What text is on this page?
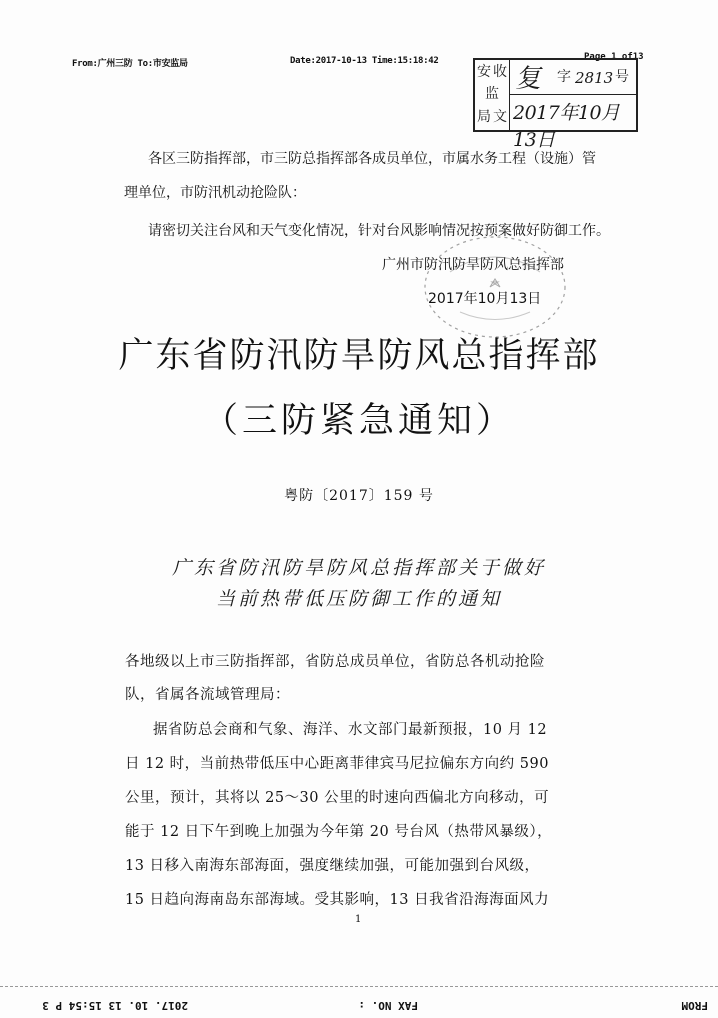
From:广州三防 To:市安监局	Date:2017-10-13 Time:15:18:42	Page 1 of13
安 收
监
局 文
复 字 2813 号
2017年10月13日
各区三防指挥部，市三防总指挥部各成员单位，市属水务工程（设施）管
理单位，市防汛机动抢险队：
请密切关注台风和天气变化情况，针对台风影响情况按预案做好防御工作。
广州市防汛防旱防风总指挥部
2017年10月13日
广东省防汛防旱防风总指挥部
（三防紧急通知）
粤防〔2017〕159 号
广东省防汛防旱防风总指挥部关于做好
当前热带低压防御工作的通知
各地级以上市三防指挥部，省防总成员单位，省防总各机动抢险
队，省属各流域管理局：
　　据省防总会商和气象、海洋、水文部门最新预报，10 月 12
日 12 时，当前热带低压中心距离菲律宾马尼拉偏东方向约 590
公里，预计，其将以 25～30 公里的时速向西偏北方向移动，可
能于 12 日下午到晚上加强为今年第 20 号台风（热带风暴级），
13 日移入南海东部海面，强度继续加强，可能加强到台风级，
15 日趋向海南岛东部海域。受其影响，13 日我省沿海海面风力
1
FROM
FAX NO. :
2017. 10. 13 15:54 P 3
